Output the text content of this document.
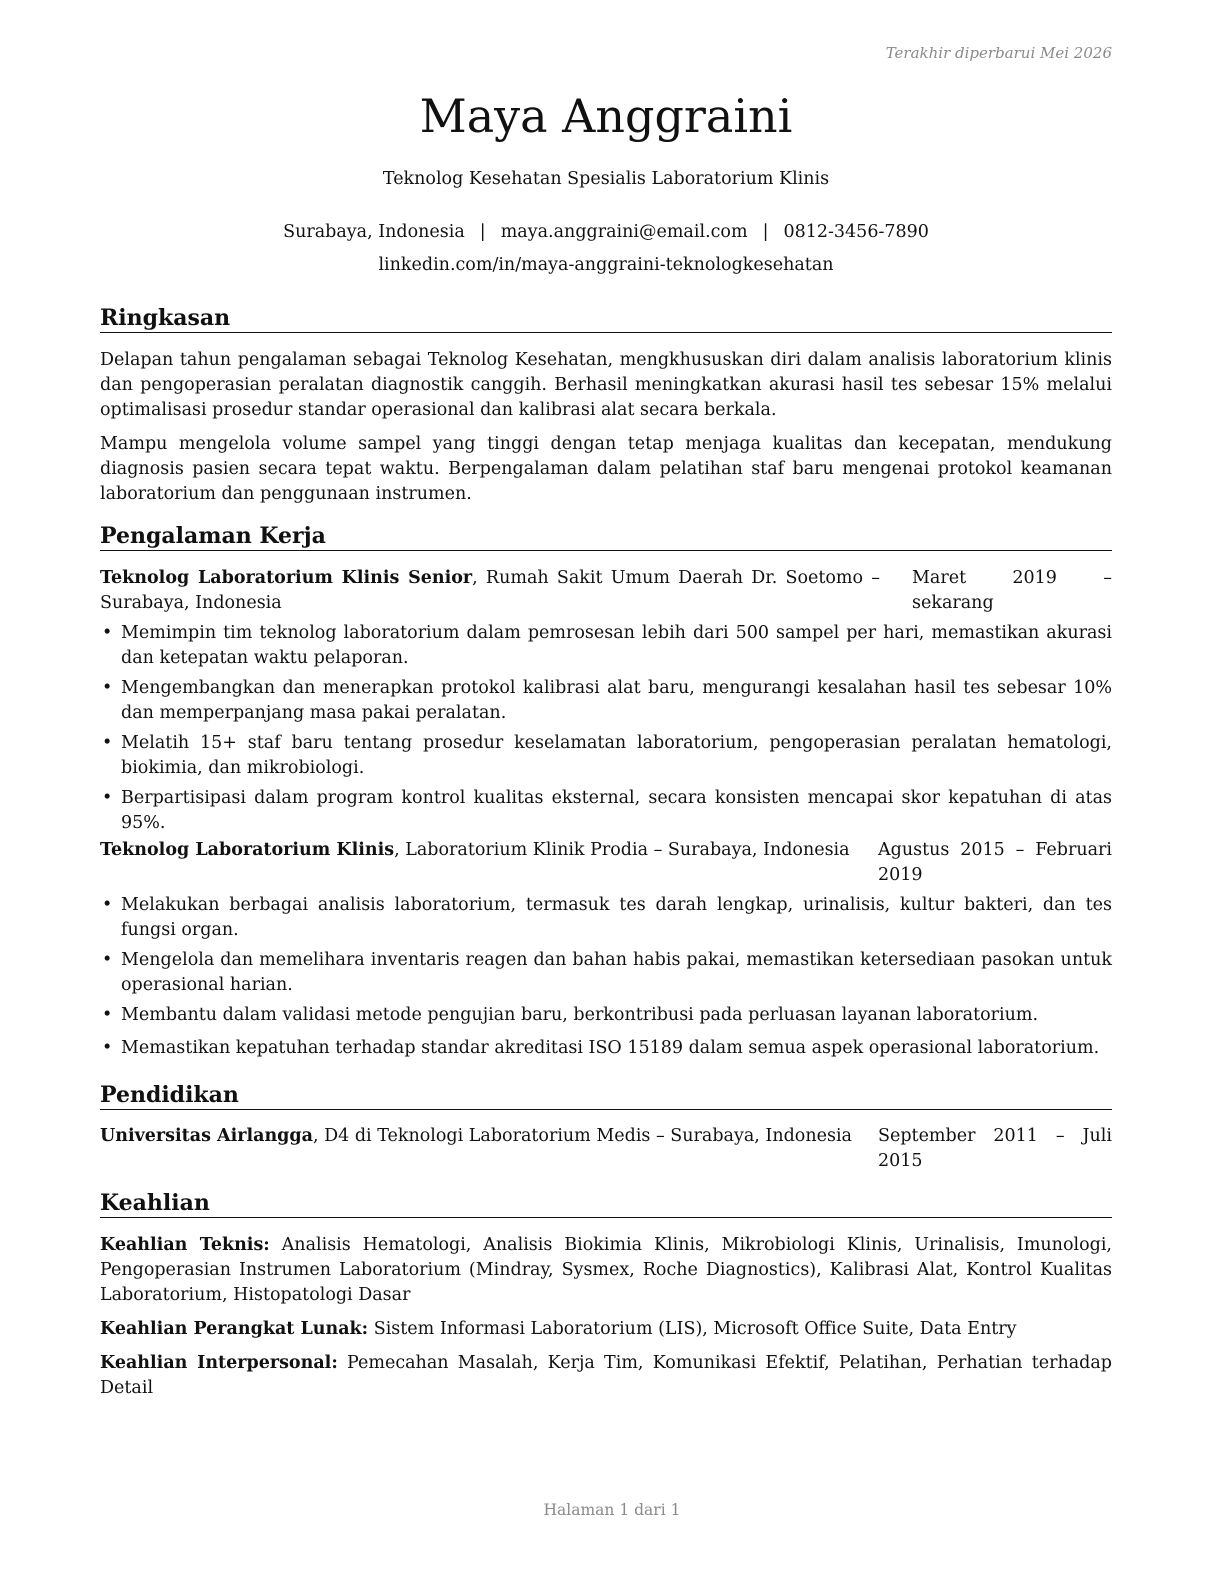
Terakhir diperbarui Mei 2026
Maya Anggraini
Teknolog Kesehatan Spesialis Laboratorium Klinis
Surabaya, Indonesia | maya.anggraini@email.com | 0812-3456-7890
linkedin.com/in/maya-anggraini-teknologkesehatan
Ringkasan
Delapan tahun pengalaman sebagai Teknolog Kesehatan, mengkhususkan diri dalam analisis laboratorium klinis dan pengoperasian peralatan diagnostik canggih. Berhasil meningkatkan akurasi hasil tes sebesar 15% melalui optimalisasi prosedur standar operasional dan kalibrasi alat secara berkala.
Mampu mengelola volume sampel yang tinggi dengan tetap menjaga kualitas dan kecepatan, mendukung diagnosis pasien secara tepat waktu. Berpengalaman dalam pelatihan staf baru mengenai protokol keamanan laboratorium dan penggunaan instrumen.
Pengalaman Kerja
Teknolog Laboratorium Klinis Senior, Rumah Sakit Umum Daerah Dr. Soetomo – Surabaya, Indonesia
Maret 2019 – sekarang
• Memimpin tim teknolog laboratorium dalam pemrosesan lebih dari 500 sampel per hari, memastikan akurasi dan ketepatan waktu pelaporan.
• Mengembangkan dan menerapkan protokol kalibrasi alat baru, mengurangi kesalahan hasil tes sebesar 10% dan memperpanjang masa pakai peralatan.
• Melatih 15+ staf baru tentang prosedur keselamatan laboratorium, pengoperasian peralatan hematologi, biokimia, dan mikrobiologi.
• Berpartisipasi dalam program kontrol kualitas eksternal, secara konsisten mencapai skor kepatuhan di atas 95%.
Teknolog Laboratorium Klinis, Laboratorium Klinik Prodia – Surabaya, Indonesia	Agustus 2015 – Februari 2019
• Melakukan berbagai analisis laboratorium, termasuk tes darah lengkap, urinalisis, kultur bakteri, dan tes fungsi organ.
• Mengelola dan memelihara inventaris reagen dan bahan habis pakai, memastikan ketersediaan pasokan untuk operasional harian.
• Membantu dalam validasi metode pengujian baru, berkontribusi pada perluasan layanan laboratorium.
• Memastikan kepatuhan terhadap standar akreditasi ISO 15189 dalam semua aspek operasional laboratorium.
Pendidikan
Universitas Airlangga, D4 di Teknologi Laboratorium Medis – Surabaya, Indonesia	September 2011 – Juli 2015
Keahlian
Keahlian Teknis: Analisis Hematologi, Analisis Biokimia Klinis, Mikrobiologi Klinis, Urinalisis, Imunologi, Pengoperasian Instrumen Laboratorium (Mindray, Sysmex, Roche Diagnostics), Kalibrasi Alat, Kontrol Kualitas Laboratorium, Histopatologi Dasar
Keahlian Perangkat Lunak: Sistem Informasi Laboratorium (LIS), Microsoft Office Suite, Data Entry
Keahlian Interpersonal: Pemecahan Masalah, Kerja Tim, Komunikasi Efektif, Pelatihan, Perhatian terhadap Detail
Halaman 1 dari 1
